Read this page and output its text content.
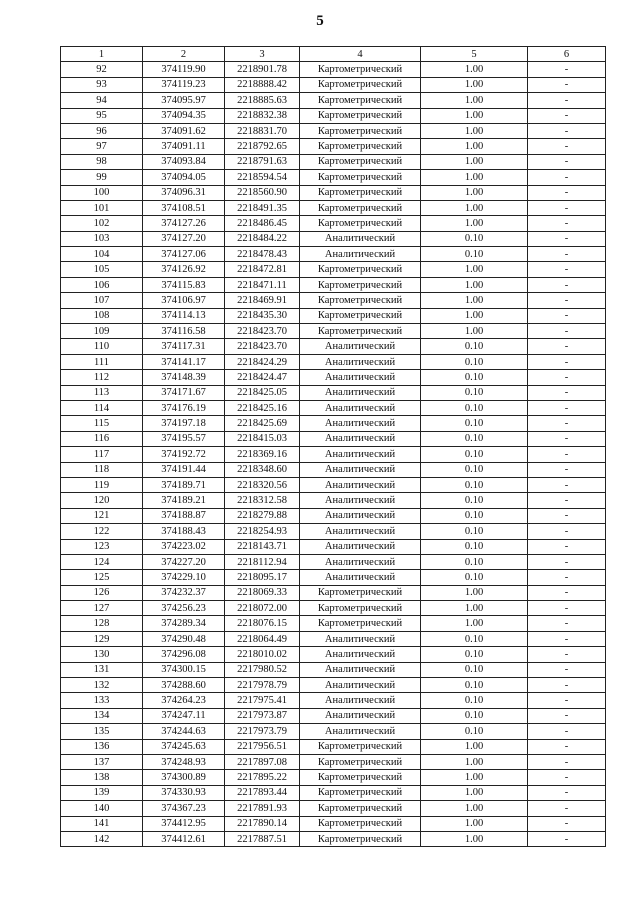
5
1	2	3	4	5	6
92	374119.90	2218901.78	Картометрический	1.00	-
93	374119.23	2218888.42	Картометрический	1.00	-
94	374095.97	2218885.63	Картометрический	1.00	-
95	374094.35	2218832.38	Картометрический	1.00	-
96	374091.62	2218831.70	Картометрический	1.00	-
97	374091.11	2218792.65	Картометрический	1.00	-
98	374093.84	2218791.63	Картометрический	1.00	-
99	374094.05	2218594.54	Картометрический	1.00	-
100	374096.31	2218560.90	Картометрический	1.00	-
101	374108.51	2218491.35	Картометрический	1.00	-
102	374127.26	2218486.45	Картометрический	1.00	-
103	374127.20	2218484.22	Аналитический	0.10	-
104	374127.06	2218478.43	Аналитический	0.10	-
105	374126.92	2218472.81	Картометрический	1.00	-
106	374115.83	2218471.11	Картометрический	1.00	-
107	374106.97	2218469.91	Картометрический	1.00	-
108	374114.13	2218435.30	Картометрический	1.00	-
109	374116.58	2218423.70	Картометрический	1.00	-
110	374117.31	2218423.70	Аналитический	0.10	-
111	374141.17	2218424.29	Аналитический	0.10	-
112	374148.39	2218424.47	Аналитический	0.10	-
113	374171.67	2218425.05	Аналитический	0.10	-
114	374176.19	2218425.16	Аналитический	0.10	-
115	374197.18	2218425.69	Аналитический	0.10	-
116	374195.57	2218415.03	Аналитический	0.10	-
117	374192.72	2218369.16	Аналитический	0.10	-
118	374191.44	2218348.60	Аналитический	0.10	-
119	374189.71	2218320.56	Аналитический	0.10	-
120	374189.21	2218312.58	Аналитический	0.10	-
121	374188.87	2218279.88	Аналитический	0.10	-
122	374188.43	2218254.93	Аналитический	0.10	-
123	374223.02	2218143.71	Аналитический	0.10	-
124	374227.20	2218112.94	Аналитический	0.10	-
125	374229.10	2218095.17	Аналитический	0.10	-
126	374232.37	2218069.33	Картометрический	1.00	-
127	374256.23	2218072.00	Картометрический	1.00	-
128	374289.34	2218076.15	Картометрический	1.00	-
129	374290.48	2218064.49	Аналитический	0.10	-
130	374296.08	2218010.02	Аналитический	0.10	-
131	374300.15	2217980.52	Аналитический	0.10	-
132	374288.60	2217978.79	Аналитический	0.10	-
133	374264.23	2217975.41	Аналитический	0.10	-
134	374247.11	2217973.87	Аналитический	0.10	-
135	374244.63	2217973.79	Аналитический	0.10	-
136	374245.63	2217956.51	Картометрический	1.00	-
137	374248.93	2217897.08	Картометрический	1.00	-
138	374300.89	2217895.22	Картометрический	1.00	-
139	374330.93	2217893.44	Картометрический	1.00	-
140	374367.23	2217891.93	Картометрический	1.00	-
141	374412.95	2217890.14	Картометрический	1.00	-
142	374412.61	2217887.51	Картометрический	1.00	-
